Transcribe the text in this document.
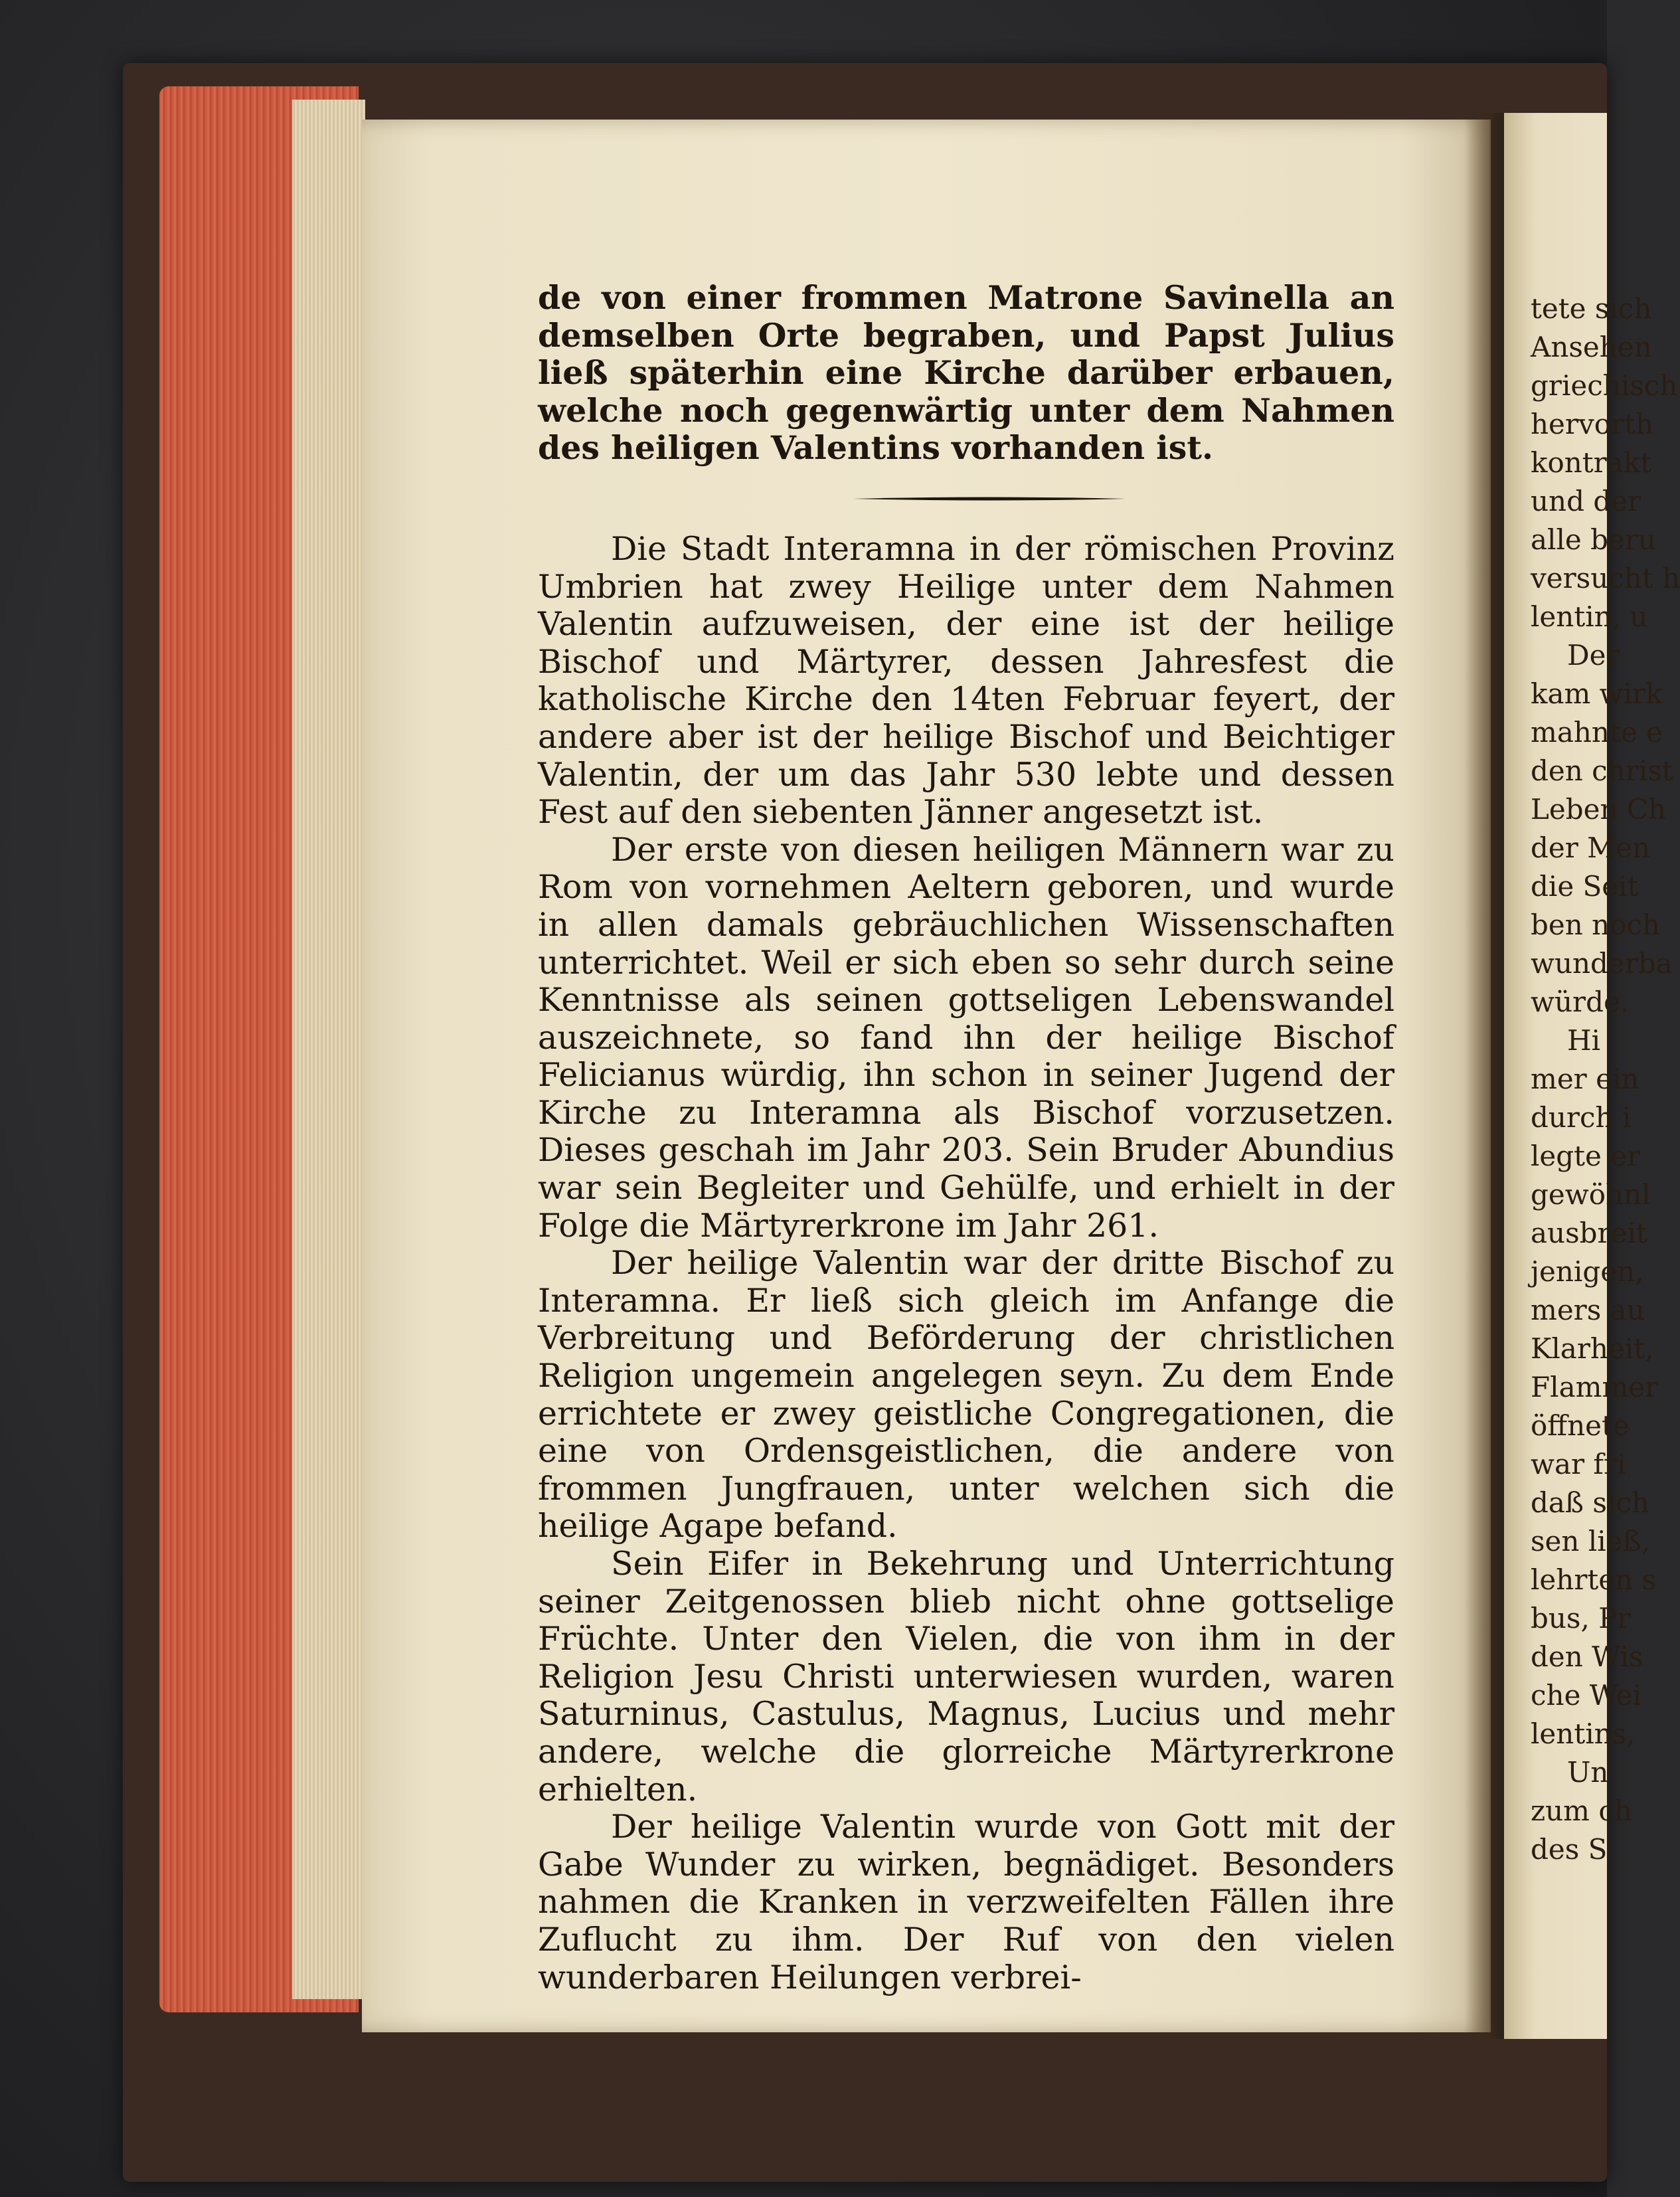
tete sich
Ansehen
griechisch
hervorth
kontrakt
und der
alle beru
versucht h
lentin, u
Der
kam wirk
mahnte e
den christ
Leben Ch
der Men
die Seit
ben noch
wunderba
würde.
Hi
mer ein
durch i
legte er
gewöhnl
ausbreit
jenigen,
mers au
Klarheit,
Flammer
öffnete
war fri
daß sich
sen ließ,
lehrten s
bus, Pr
den Wis
che Wei
lentins,
Un
zum ch
des S

de von einer frommen Matrone Savinella an demselben Orte begraben, und Papst Julius ließ späterhin eine Kirche darüber erbauen, welche noch gegenwärtig unter dem Nahmen des heiligen Valentins vorhanden ist.

Die Stadt Interamna in der römischen Provinz Umbrien hat zwey Heilige unter dem Nahmen Valentin aufzuweisen, der eine ist der heilige Bischof und Märtyrer, dessen Jahresfest die katholische Kirche den 14ten Februar feyert, der andere aber ist der heilige Bischof und Beichtiger Valentin, der um das Jahr 530 lebte und dessen Fest auf den siebenten Jänner angesetzt ist.

Der erste von diesen heiligen Männern war zu Rom von vornehmen Aeltern geboren, und wurde in allen damals gebräuchlichen Wissenschaften unterrichtet. Weil er sich eben so sehr durch seine Kenntnisse als seinen gottseligen Lebenswandel auszeichnete, so fand ihn der heilige Bischof Felicianus würdig, ihn schon in seiner Jugend der Kirche zu Interamna als Bischof vorzusetzen. Dieses geschah im Jahr 203. Sein Bruder Abundius war sein Begleiter und Gehülfe, und erhielt in der Folge die Märtyrerkrone im Jahr 261.

Der heilige Valentin war der dritte Bischof zu Interamna. Er ließ sich gleich im Anfange die Verbreitung und Beförderung der christlichen Religion ungemein angelegen seyn. Zu dem Ende errichtete er zwey geistliche Congregationen, die eine von Ordensgeistlichen, die andere von frommen Jungfrauen, unter welchen sich die heilige Agape befand.

Sein Eifer in Bekehrung und Unterrichtung seiner Zeitgenossen blieb nicht ohne gottselige Früchte. Unter den Vielen, die von ihm in der Religion Jesu Christi unterwiesen wurden, waren Saturninus, Castulus, Magnus, Lucius und mehr andere, welche die glorreiche Märtyrerkrone erhielten.

Der heilige Valentin wurde von Gott mit der Gabe Wunder zu wirken, begnädiget. Besonders nahmen die Kranken in verzweifelten Fällen ihre Zuflucht zu ihm. Der Ruf von den vielen wunderbaren Heilungen verbrei-
